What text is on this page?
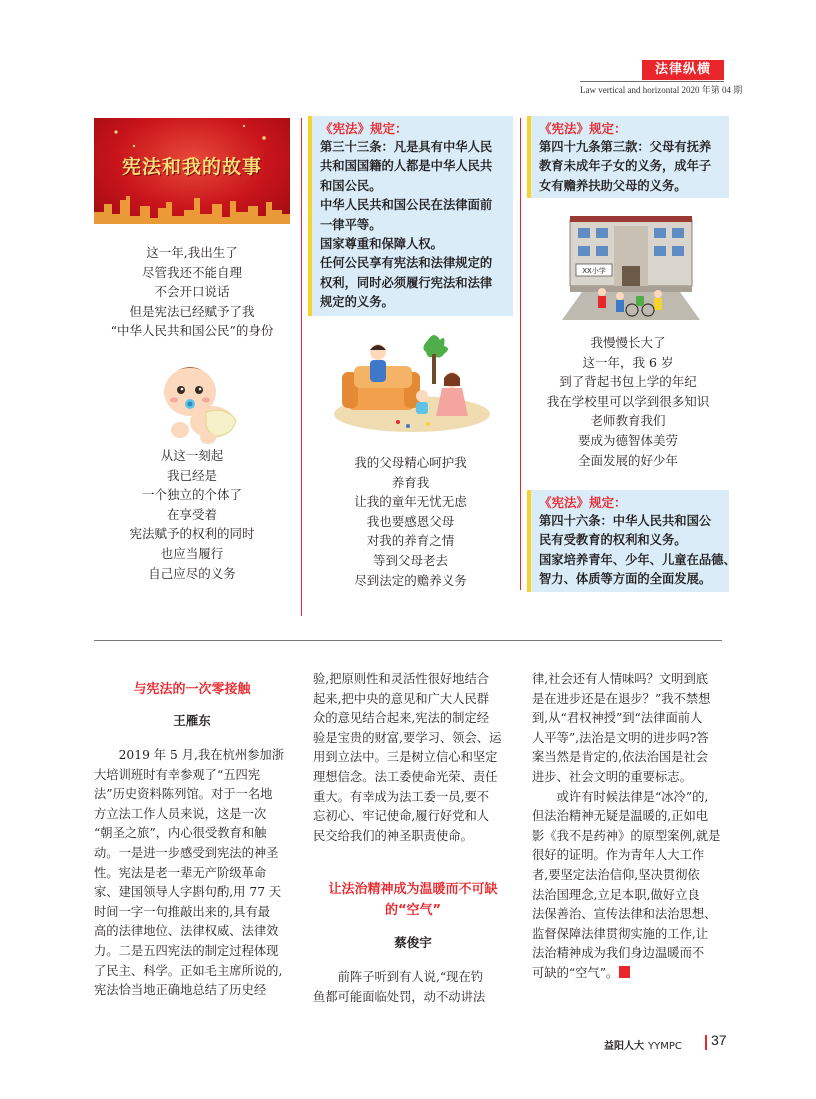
法律纵横
Law vertical and horizontal 2020 年第 04 期
宪法和我的故事
这一年,我出生了
尽管我还不能自理
不会开口说话
但是宪法已经赋予了我
“中华人民共和国公民”的身份
从这一刻起
我已经是
一个独立的个体了
在享受着
宪法赋予的权利的同时
也应当履行
自己应尽的义务
《宪法》规定：
第三十三条：凡是具有中华人民
共和国国籍的人都是中华人民共
和国公民。
中华人民共和国公民在法律面前
一律平等。
国家尊重和保障人权。
任何公民享有宪法和法律规定的
权利，同时必须履行宪法和法律
规定的义务。
我的父母精心呵护我
养育我
让我的童年无忧无虑
我也要感恩父母
对我的养育之情
等到父母老去
尽到法定的赡养义务
《宪法》规定：
第四十九条第三款：父母有抚养
教育未成年子女的义务，成年子
女有赡养扶助父母的义务。
XX小学
我慢慢长大了
这一年，我 6 岁
到了背起书包上学的年纪
我在学校里可以学到很多知识
老师教育我们
要成为德智体美劳
全面发展的好少年
《宪法》规定：
第四十六条：中华人民共和国公
民有受教育的权利和义务。
国家培养青年、少年、儿童在品德、
智力、体质等方面的全面发展。
与宪法的一次零接触
王雁东
　　2019 年 5 月,我在杭州参加浙
大培训班时有幸参观了“五四宪
法”历史资料陈列馆。对于一名地
方立法工作人员来说，这是一次
“朝圣之旅”，内心很受教育和触
动。一是进一步感受到宪法的神圣
性。宪法是老一辈无产阶级革命
家、建国领导人字斟句酌,用 77 天
时间一字一句推敲出来的,具有最
高的法律地位、法律权威、法律效
力。二是五四宪法的制定过程体现
了民主、科学。正如毛主席所说的,
宪法恰当地正确地总结了历史经
验,把原则性和灵活性很好地结合
起来,把中央的意见和广大人民群
众的意见结合起来,宪法的制定经
验是宝贵的财富,要学习、领会、运
用到立法中。三是树立信心和坚定
理想信念。法工委使命光荣、责任
重大。有幸成为法工委一员,要不
忘初心、牢记使命,履行好党和人
民交给我们的神圣职责使命。
让法治精神成为温暖而不可缺
的“空气”
蔡俊宇
　　前阵子听到有人说,“现在钓
鱼都可能面临处罚，动不动讲法
律,社会还有人情味吗？文明到底
是在进步还是在退步？”我不禁想
到,从“君权神授”到“法律面前人
人平等”,法治是文明的进步吗?答
案当然是肯定的,依法治国是社会
进步、社会文明的重要标志。
　　或许有时候法律是“冰冷”的,
但法治精神无疑是温暖的,正如电
影《我不是药神》的原型案例,就是
很好的证明。作为青年人大工作
者,要坚定法治信仰,坚决贯彻依
法治国理念,立足本职,做好立良
法保善治、宣传法律和法治思想、
监督保障法律贯彻实施的工作,让
法治精神成为我们身边温暖而不
可缺的“空气”。
益阳人大 YYMPC 37
